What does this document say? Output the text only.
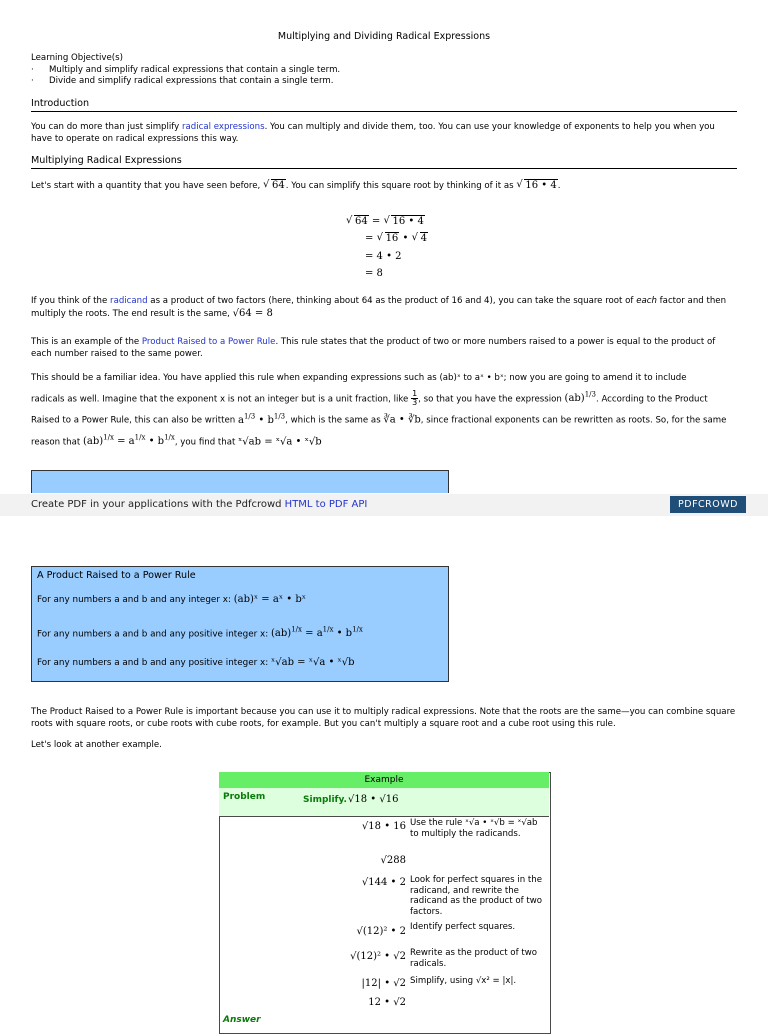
Multiplying and Dividing Radical Expressions
Learning Objective(s)
· Multiply and simplify radical expressions that contain a single term.
· Divide and simplify radical expressions that contain a single term.
Introduction
You can do more than just simplify radical expressions. You can multiply and divide them, too. You can use your knowledge of exponents to help you when you have to operate on radical expressions this way.
Multiplying Radical Expressions
Let's start with a quantity that you have seen before, √ 64. You can simplify this square root by thinking of it as √ 16 • 4.
√ 64 = √ 16 • 4
= √ 16 • √ 4
= 4 • 2
= 8
If you think of the radicand as a product of two factors (here, thinking about 64 as the product of 16 and 4), you can take the square root of each factor and then multiply the roots. The end result is the same, √64 = 8
This is an example of the Product Raised to a Power Rule. This rule states that the product of two or more numbers raised to a power is equal to the product of each number raised to the same power.
This should be a familiar idea. You have applied this rule when expanding expressions such as (ab)ˣ to aˣ • bˣ; now you are going to amend it to include
radicals as well. Imagine that the exponent x is not an integer but is a unit fraction, like $\frac{1}{3}$ , so that you have the expression (ab)$^{1/3}$. According to the Product
Raised to a Power Rule, this can also be written $a^{1/3}$ • $b^{1/3}$, which is the same as ∛a • ∛b, since fractional exponents can be rewritten as roots. So, for the same
reason that $(ab)^{1/x} = a^{1/x}$ • $b^{1/x}$, you find that ˣ√ab = ˣ√a • ˣ√b
Create PDF in your applications with the Pdfcrowd HTML to PDF API	PDFCROWD
A Product Raised to a Power Rule
For any numbers a and b and any integer x: (ab)ˣ = aˣ • bˣ
For any numbers a and b and any positive integer x: $(ab)^{1/x} = a^{1/x}$ • $b^{1/x}$
For any numbers a and b and any positive integer x: ˣ√ab = ˣ√a • ˣ√b
The Product Raised to a Power Rule is important because you can use it to multiply radical expressions. Note that the roots are the same—you can combine square roots with square roots, or cube roots with cube roots, for example. But you can't multiply a square root and a cube root using this rule.
Let's look at another example.
Example
Problem	Simplify. √18 • √16
√18 • 16 Use the rule ˣ√a • ˣ√b = ˣ√ab to multiply the radicands.
√288
√144 • 2 Look for perfect squares in the radicand, and rewrite the radicand as the product of two factors.
√(12)² • 2 Identify perfect squares.
√(12)² • √2 Rewrite as the product of two radicals.
|12| • √2 Simplify, using √x² = |x|.
12 • √2
Answer
